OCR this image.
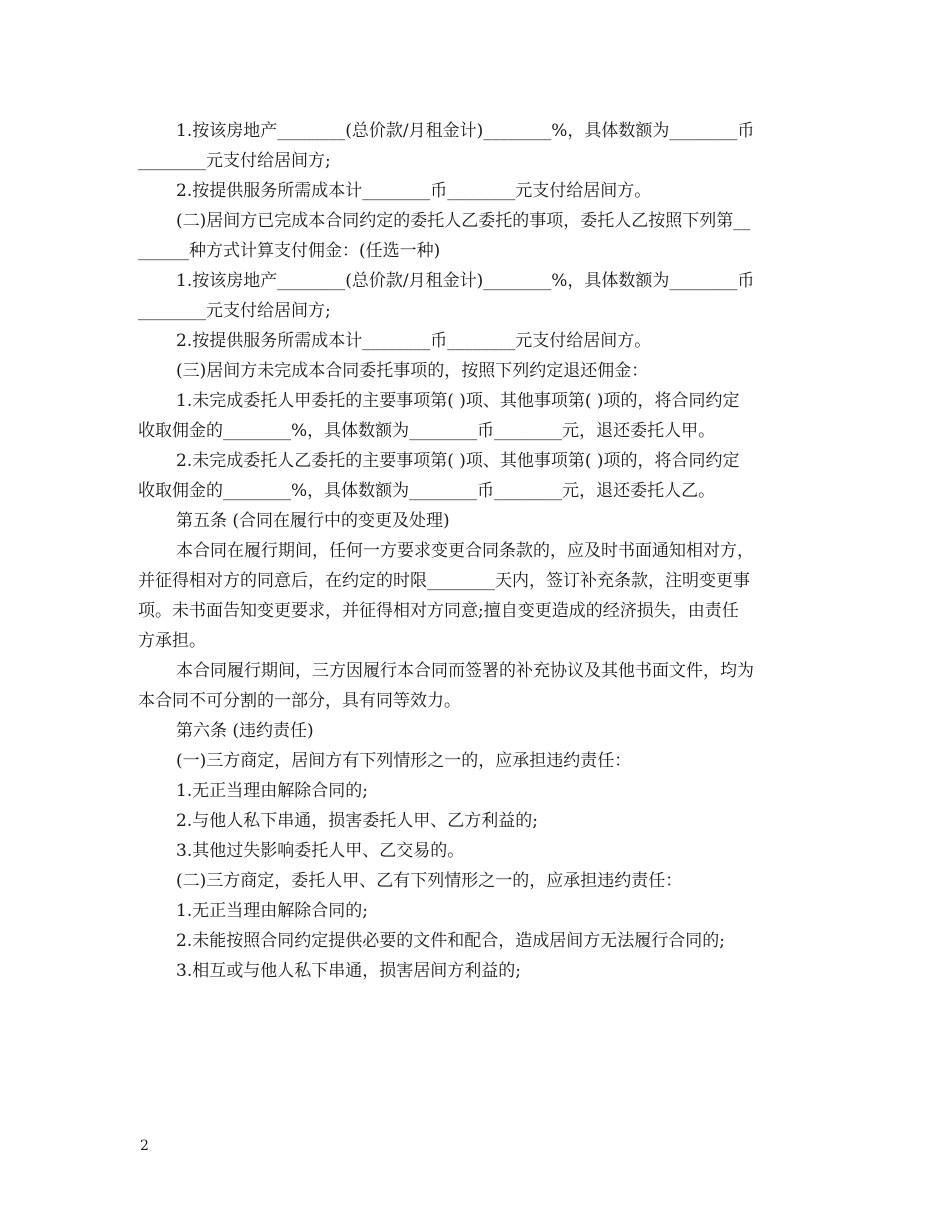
1.按该房地产________(总价款/月租金计)________%，具体数额为________币

________元支付给居间方;

2.按提供服务所需成本计________币________元支付给居间方。

(二)居间方已完成本合同约定的委托人乙委托的事项，委托人乙按照下列第__

______种方式计算支付佣金：(任选一种)

1.按该房地产________(总价款/月租金计)________%，具体数额为________币

________元支付给居间方;

2.按提供服务所需成本计________币________元支付给居间方。

(三)居间方未完成本合同委托事项的，按照下列约定退还佣金：

1.未完成委托人甲委托的主要事项第( )项、其他事项第( )项的，将合同约定

收取佣金的________%，具体数额为________币________元，退还委托人甲。

2.未完成委托人乙委托的主要事项第( )项、其他事项第( )项的，将合同约定

收取佣金的________%，具体数额为________币________元，退还委托人乙。

第五条 (合同在履行中的变更及处理)

本合同在履行期间，任何一方要求变更合同条款的，应及时书面通知相对方，

并征得相对方的同意后，在约定的时限________天内，签订补充条款，注明变更事

项。未书面告知变更要求，并征得相对方同意;擅自变更造成的经济损失，由责任

方承担。

本合同履行期间，三方因履行本合同而签署的补充协议及其他书面文件，均为

本合同不可分割的一部分，具有同等效力。

第六条 (违约责任)

(一)三方商定，居间方有下列情形之一的，应承担违约责任：

1.无正当理由解除合同的;

2.与他人私下串通，损害委托人甲、乙方利益的;

3.其他过失影响委托人甲、乙交易的。

(二)三方商定，委托人甲、乙有下列情形之一的，应承担违约责任：

1.无正当理由解除合同的;

2.未能按照合同约定提供必要的文件和配合，造成居间方无法履行合同的;

3.相互或与他人私下串通，损害居间方利益的;

2
